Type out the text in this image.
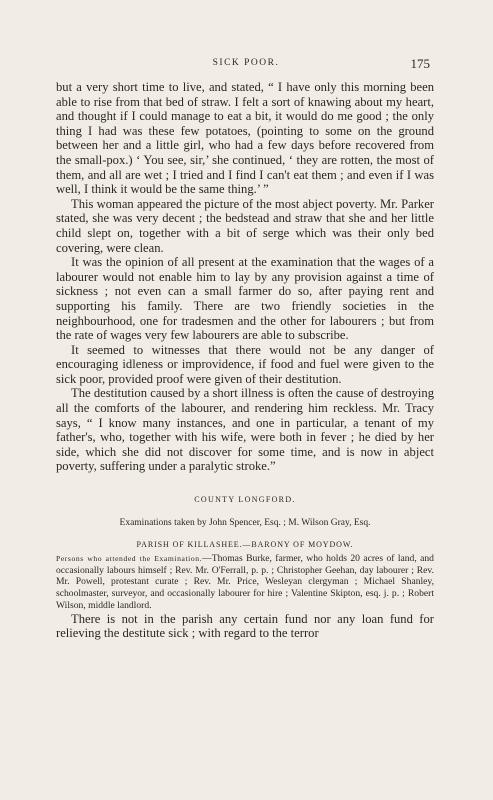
SICK POOR.	175

but a very short time to live, and stated, “ I have only this morning been able to rise from that bed of straw. I felt a sort of knawing about my heart, and thought if I could manage to eat a bit, it would do me good ; the only thing I had was these few potatoes, (pointing to some on the ground between her and a little girl, who had a few days before recovered from the small-pox.) ‘ You see, sir,’ she continued, ‘ they are rotten, the most of them, and all are wet ; I tried and I find I can't eat them ; and even if I was well, I think it would be the same thing.’ ”

This woman appeared the picture of the most abject poverty. Mr. Parker stated, she was very decent ; the bedstead and straw that she and her little child slept on, together with a bit of serge which was their only bed covering, were clean.

It was the opinion of all present at the examination that the wages of a labourer would not enable him to lay by any provision against a time of sickness ; not even can a small farmer do so, after paying rent and supporting his family. There are two friendly societies in the neighbourhood, one for tradesmen and the other for labourers ; but from the rate of wages very few labourers are able to subscribe.

It seemed to witnesses that there would not be any danger of encouraging idleness or improvidence, if food and fuel were given to the sick poor, provided proof were given of their destitution.

The destitution caused by a short illness is often the cause of destroying all the comforts of the labourer, and rendering him reckless. Mr. Tracy says, “ I know many instances, and one in particular, a tenant of my father's, who, together with his wife, were both in fever ; he died by her side, which she did not discover for some time, and is now in abject poverty, suffering under a paralytic stroke.”

COUNTY LONGFORD.
Examinations taken by John Spencer, Esq. ; M. Wilson Gray, Esq.
PARISH OF KILLASHEE.—BARONY OF MOYDOW.

Persons who attended the Examination.—Thomas Burke, farmer, who holds 20 acres of land, and occasionally labours himself ; Rev. Mr. O'Ferrall, p. p. ; Christopher Geehan, day labourer ; Rev. Mr. Powell, protestant curate ; Rev. Mr. Price, Wesleyan clergyman ; Michael Shanley, schoolmaster, surveyor, and occasionally labourer for hire ; Valentine Skipton, esq. j. p. ; Robert Wilson, middle landlord.

There is not in the parish any certain fund nor any loan fund for relieving the destitute sick ; with regard to the terror
